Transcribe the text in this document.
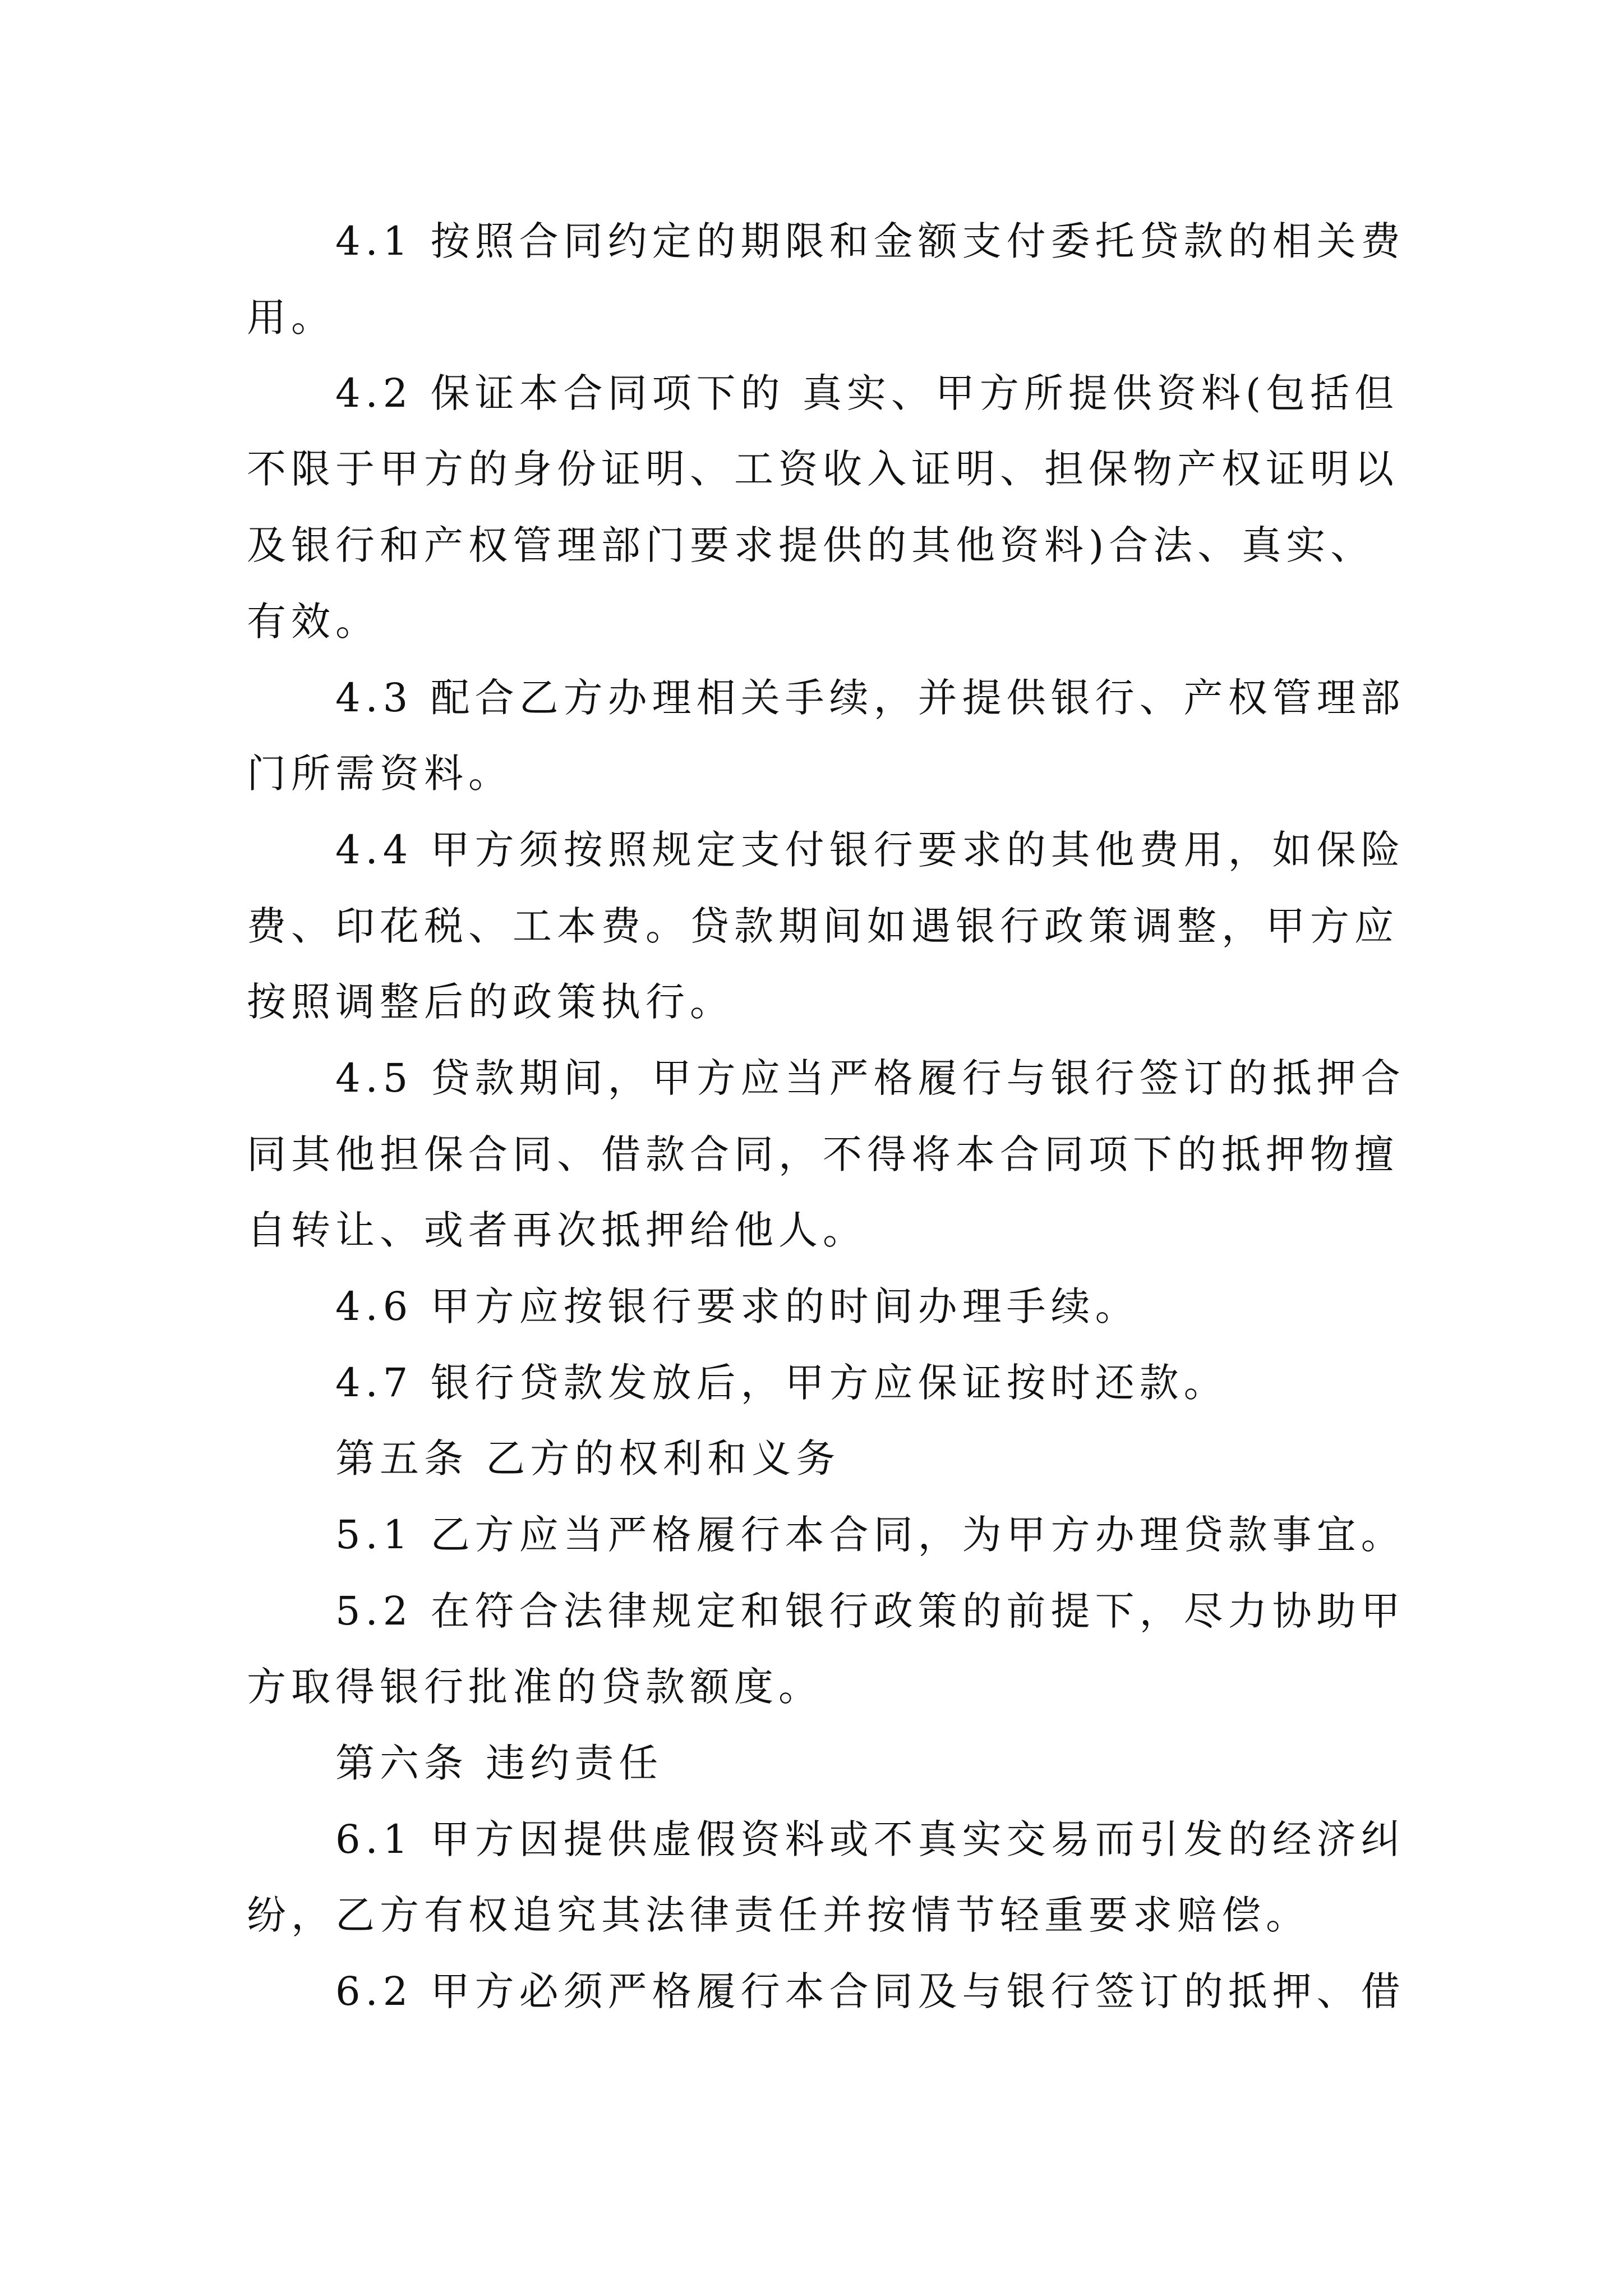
4.1 按照合同约定的期限和金额支付委托贷款的相关费
用。
4.2 保证本合同项下的 真实、甲方所提供资料(包括但
不限于甲方的身份证明、工资收入证明、担保物产权证明以
及银行和产权管理部门要求提供的其他资料)合法、真实、
有效。
4.3 配合乙方办理相关手续，并提供银行、产权管理部
门所需资料。
4.4 甲方须按照规定支付银行要求的其他费用，如保险
费、印花税、工本费。贷款期间如遇银行政策调整，甲方应
按照调整后的政策执行。
4.5 贷款期间，甲方应当严格履行与银行签订的抵押合
同其他担保合同、借款合同，不得将本合同项下的抵押物擅
自转让、或者再次抵押给他人。
4.6 甲方应按银行要求的时间办理手续。
4.7 银行贷款发放后，甲方应保证按时还款。
第五条 乙方的权利和义务
5.1 乙方应当严格履行本合同，为甲方办理贷款事宜。
5.2 在符合法律规定和银行政策的前提下，尽力协助甲
方取得银行批准的贷款额度。
第六条 违约责任
6.1 甲方因提供虚假资料或不真实交易而引发的经济纠
纷，乙方有权追究其法律责任并按情节轻重要求赔偿。
6.2 甲方必须严格履行本合同及与银行签订的抵押、借
